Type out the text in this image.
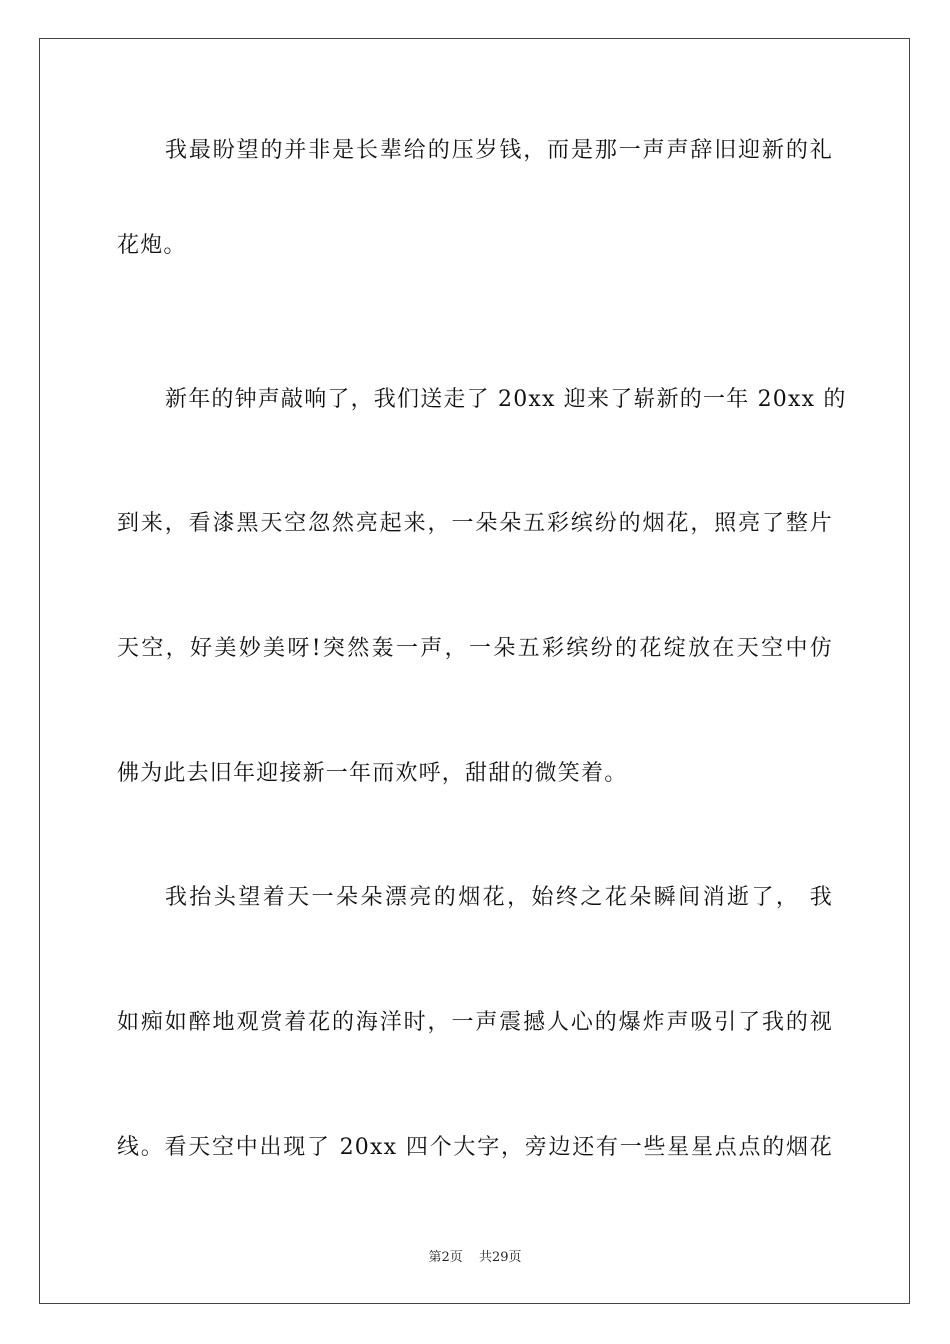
我最盼望的并非是长辈给的压岁钱，而是那一声声辞旧迎新的礼
花炮。
新年的钟声敲响了，我们送走了 20xx 迎来了崭新的一年 20xx 的
到来，看漆黑天空忽然亮起来，一朵朵五彩缤纷的烟花，照亮了整片
天空，好美妙美呀!突然轰一声，一朵五彩缤纷的花绽放在天空中仿
佛为此去旧年迎接新一年而欢呼，甜甜的微笑着。
我抬头望着天一朵朵漂亮的烟花，始终之花朵瞬间消逝了， 我
如痴如醉地观赏着花的海洋时，一声震撼人心的爆炸声吸引了我的视
线。看天空中出现了 20xx 四个大字，旁边还有一些星星点点的烟花
第2页 共29页
